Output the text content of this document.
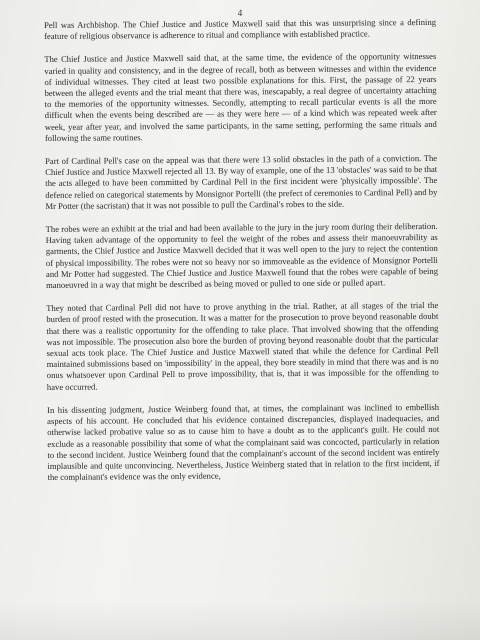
4

Pell was Archbishop. The Chief Justice and Justice Maxwell said that this was unsurprising since a defining feature of religious observance is adherence to ritual and compliance with established practice.

The Chief Justice and Justice Maxwell said that, at the same time, the evidence of the opportunity witnesses varied in quality and consistency, and in the degree of recall, both as between witnesses and within the evidence of individual witnesses. They cited at least two possible explanations for this. First, the passage of 22 years between the alleged events and the trial meant that there was, inescapably, a real degree of uncertainty attaching to the memories of the opportunity witnesses. Secondly, attempting to recall particular events is all the more difficult when the events being described are — as they were here — of a kind which was repeated week after week, year after year, and involved the same participants, in the same setting, performing the same rituals and following the same routines.

Part of Cardinal Pell's case on the appeal was that there were 13 solid obstacles in the path of a conviction. The Chief Justice and Justice Maxwell rejected all 13. By way of example, one of the 13 'obstacles' was said to be that the acts alleged to have been committed by Cardinal Pell in the first incident were 'physically impossible'. The defence relied on categorical statements by Monsignor Portelli (the prefect of ceremonies to Cardinal Pell) and by Mr Potter (the sacristan) that it was not possible to pull the Cardinal's robes to the side.

The robes were an exhibit at the trial and had been available to the jury in the jury room during their deliberation. Having taken advantage of the opportunity to feel the weight of the robes and assess their manoeuvrability as garments, the Chief Justice and Justice Maxwell decided that it was well open to the jury to reject the contention of physical impossibility. The robes were not so heavy nor so immoveable as the evidence of Monsignor Portelli and Mr Potter had suggested. The Chief Justice and Justice Maxwell found that the robes were capable of being manoeuvred in a way that might be described as being moved or pulled to one side or pulled apart.

They noted that Cardinal Pell did not have to prove anything in the trial. Rather, at all stages of the trial the burden of proof rested with the prosecution. It was a matter for the prosecution to prove beyond reasonable doubt that there was a realistic opportunity for the offending to take place. That involved showing that the offending was not impossible. The prosecution also bore the burden of proving beyond reasonable doubt that the particular sexual acts took place. The Chief Justice and Justice Maxwell stated that while the defence for Cardinal Pell maintained submissions based on 'impossibility' in the appeal, they bore steadily in mind that there was and is no onus whatsoever upon Cardinal Pell to prove impossibility, that is, that it was impossible for the offending to have occurred.

In his dissenting judgment, Justice Weinberg found that, at times, the complainant was inclined to embellish aspects of his account. He concluded that his evidence contained discrepancies, displayed inadequacies, and otherwise lacked probative value so as to cause him to have a doubt as to the applicant's guilt. He could not exclude as a reasonable possibility that some of what the complainant said was concocted, particularly in relation to the second incident. Justice Weinberg found that the complainant's account of the second incident was entirely implausible and quite unconvincing. Nevertheless, Justice Weinberg stated that in relation to the first incident, if the complainant's evidence was the only evidence,
